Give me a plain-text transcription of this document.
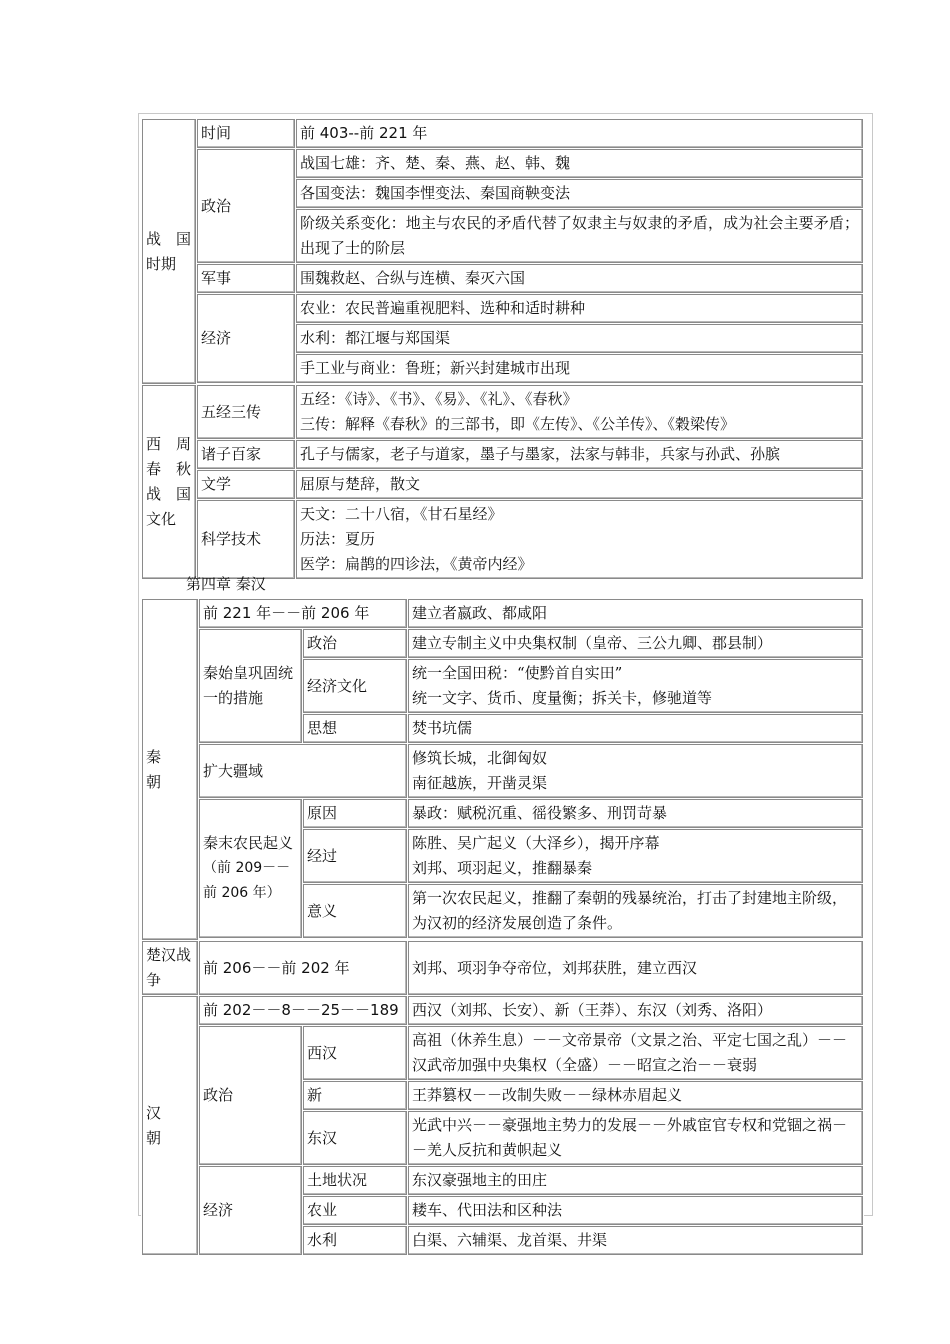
战　国
时期	时间	前 403--前 221 年
	政治	战国七雄：齐、楚、秦、燕、赵、韩、魏
		各国变法：魏国李悝变法、秦国商鞅变法
		阶级关系变化：地主与农民的矛盾代替了奴隶主与奴隶的矛盾，成为社会主要矛盾；出现了士的阶层
	军事	围魏救赵、合纵与连横、秦灭六国
	经济	农业：农民普遍重视肥料、选种和适时耕种
		水利：都江堰与郑国渠
		手工业与商业：鲁班；新兴封建城市出现

西　周
春　秋
战　国
文化	五经三传	五经：《诗》、《书》、《易》、《礼》、《春秋》
三传：解释《春秋》的三部书，即《左传》、《公羊传》、《穀梁传》

	诸子百家	孔子与儒家，老子与道家，墨子与墨家，法家与韩非，兵家与孙武、孙膑
	文学	屈原与楚辞，散文
	科学技术	天文：二十八宿，《甘石星经》
历法：夏历
医学：扁鹊的四诊法，《黄帝内经》
第四章 秦汉
秦
朝	前 221 年－－前 206 年		建立者嬴政、都咸阳
	秦始皇巩固统一的措施	政治	建立专制主义中央集权制（皇帝、三公九卿、郡县制）
		经济文化	统一全国田税：“使黔首自实田”
统一文字、货币、度量衡；拆关卡，修驰道等

		思想	焚书坑儒
	扩大疆域		修筑长城，北御匈奴
南征越族，开凿灵渠

	秦末农民起义
（前 209－－
前 206 年）	原因	暴政：赋税沉重、徭役繁多、刑罚苛暴
		经过	陈胜、吴广起义（大泽乡），揭开序幕
刘邦、项羽起义，推翻暴秦

		意义	第一次农民起义，推翻了秦朝的残暴统治，打击了封建地主阶级，为汉初的经济发展创造了条件。

楚汉战争	前 206－－前 202 年		刘邦、项羽争夺帝位，刘邦获胜，建立西汉

汉
朝	前 202－－8－－25－－189		西汉（刘邦、长安）、新（王莽）、东汉（刘秀、洛阳）
	政治	西汉	高祖（休养生息）－－文帝景帝（文景之治、平定七国之乱）－－汉武帝加强中央集权（全盛）－－昭宣之治－－衰弱
		新	王莽篡权－－改制失败－－绿林赤眉起义
		东汉	光武中兴－－豪强地主势力的发展－－外戚宦官专权和党锢之祸－－羌人反抗和黄帜起义
	经济	土地状况	东汉豪强地主的田庄
		农业	耧车、代田法和区种法
		水利	白渠、六辅渠、龙首渠、井渠
